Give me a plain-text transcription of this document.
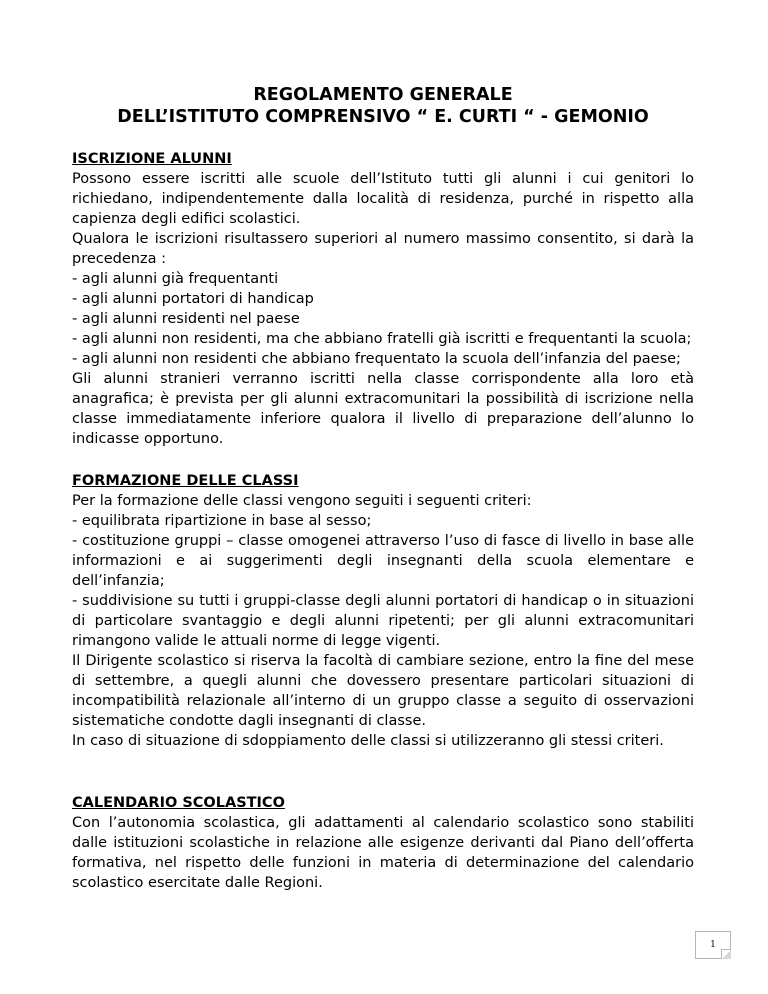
REGOLAMENTO GENERALE
DELL’ISTITUTO COMPRENSIVO “ E. CURTI “ - GEMONIO

ISCRIZIONE ALUNNI

Possono essere iscritti alle scuole dell’Istituto tutti gli alunni i cui genitori lo richiedano, indipendentemente dalla località di residenza, purché in rispetto alla capienza degli edifici scolastici.

Qualora le iscrizioni risultassero superiori al numero massimo consentito, si darà la precedenza :

- agli alunni già frequentanti

- agli alunni portatori di handicap

- agli alunni residenti nel paese

- agli alunni non residenti, ma che abbiano fratelli già iscritti e frequentanti la scuola;

- agli alunni non residenti che abbiano frequentato la scuola dell’infanzia del paese;

Gli alunni stranieri verranno iscritti nella classe corrispondente alla loro età anagrafica; è prevista per gli alunni extracomunitari la possibilità di iscrizione nella classe immediatamente inferiore qualora il livello di preparazione dell’alunno lo indicasse opportuno.

FORMAZIONE DELLE CLASSI

Per la formazione delle classi vengono seguiti i seguenti criteri:

- equilibrata ripartizione in base al sesso;

- costituzione gruppi – classe omogenei attraverso l’uso di fasce di livello in base alle informazioni e ai suggerimenti degli insegnanti della scuola elementare e dell’infanzia;

- suddivisione su tutti i gruppi-classe degli alunni portatori di handicap o in situazioni di particolare svantaggio e degli alunni ripetenti; per gli alunni extracomunitari rimangono valide le attuali norme di legge vigenti.

Il Dirigente scolastico si riserva la facoltà di cambiare sezione, entro la fine del mese di settembre, a quegli alunni che dovessero presentare particolari situazioni di incompatibilità relazionale all’interno di un gruppo classe a seguito di osservazioni sistematiche condotte dagli insegnanti di classe.

In caso di situazione di sdoppiamento delle classi si utilizzeranno gli stessi criteri.

CALENDARIO SCOLASTICO

Con l’autonomia scolastica, gli adattamenti al calendario scolastico sono stabiliti dalle istituzioni scolastiche in relazione alle esigenze derivanti dal Piano dell’offerta formativa, nel rispetto delle funzioni in materia di determinazione del calendario scolastico esercitate dalle Regioni.

1
